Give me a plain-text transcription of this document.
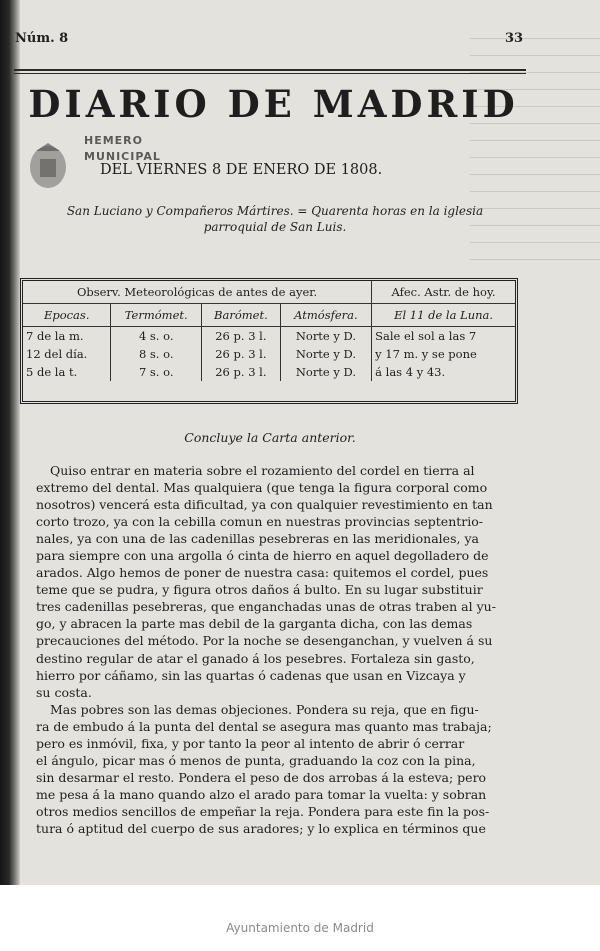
Núm. 8	33
DIARIO DE MADRID
HEMERO
MUNICIPAL
DEL VIERNES 8 DE ENERO DE 1808.
San Luciano y Compañeros Mártires. = Quarenta horas en la iglesia
parroquial de San Luis.
Observ. Meteorológicas de antes de ayer.				Afec. Astr. de hoy.
Epocas.	Termómet.	Barómet.	Atmósfera.	El 11 de la Luna.
7 de la m.	4 s. o.	26 p. 3 l.	Norte y D.	Sale el sol a las 7
12 del día.	8 s. o.	26 p. 3 l.	Norte y D.	y 17 m. y se pone
5 de la t.	7 s. o.	26 p. 3 l.	Norte y D.	á las 4 y 43.
Concluye la Carta anterior.
Quiso entrar en materia sobre el rozamiento del cordel en tierra al
extremo del dental. Mas qualquiera (que tenga la figura corporal como
nosotros) vencerá esta dificultad, ya con qualquier revestimiento en tan
corto trozo, ya con la cebilla comun en nuestras provincias septentrio-
nales, ya con una de las cadenillas pesebreras en las meridionales, ya
para siempre con una argolla ó cinta de hierro en aquel degolladero de
arados. Algo hemos de poner de nuestra casa: quitemos el cordel, pues
teme que se pudra, y figura otros daños á bulto. En su lugar substituir
tres cadenillas pesebreras, que enganchadas unas de otras traben al yu-
go, y abracen la parte mas debil de la garganta dicha, con las demas
precauciones del método. Por la noche se desenganchan, y vuelven á su
destino regular de atar el ganado á los pesebres. Fortaleza sin gasto,
hierro por cáñamo, sin las quartas ó cadenas que usan en Vizcaya y
su costa.
Mas pobres son las demas objeciones. Pondera su reja, que en figu-
ra de embudo á la punta del dental se asegura mas quanto mas trabaja;
pero es inmóvil, fixa, y por tanto la peor al intento de abrir ó cerrar
el ángulo, picar mas ó menos de punta, graduando la coz con la pina,
sin desarmar el resto. Pondera el peso de dos arrobas á la esteva; pero
me pesa á la mano quando alzo el arado para tomar la vuelta: y sobran
otros medios sencillos de empeñar la reja. Pondera para este fin la pos-
tura ó aptitud del cuerpo de sus aradores; y lo explica en términos que
Ayuntamiento de Madrid
